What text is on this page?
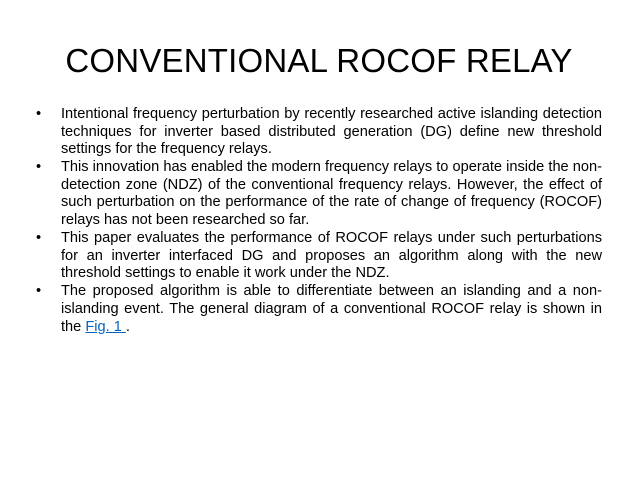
CONVENTIONAL ROCOF RELAY
•	Intentional frequency perturbation by recently researched active islanding detection techniques for inverter based distributed generation (DG) define new threshold settings for the frequency relays.
•	This innovation has enabled the modern frequency relays to operate inside the non-detection zone (NDZ) of the conventional frequency relays. However, the effect of such perturbation on the performance of the rate of change of frequency (ROCOF) relays has not been researched so far.
•	This paper evaluates the performance of ROCOF relays under such perturbations for an inverter interfaced DG and proposes an algorithm along with the new threshold settings to enable it work under the NDZ.
•	The proposed algorithm is able to differentiate between an islanding and a non-islanding event. The general diagram of a conventional ROCOF relay is shown in the Fig. 1 .
